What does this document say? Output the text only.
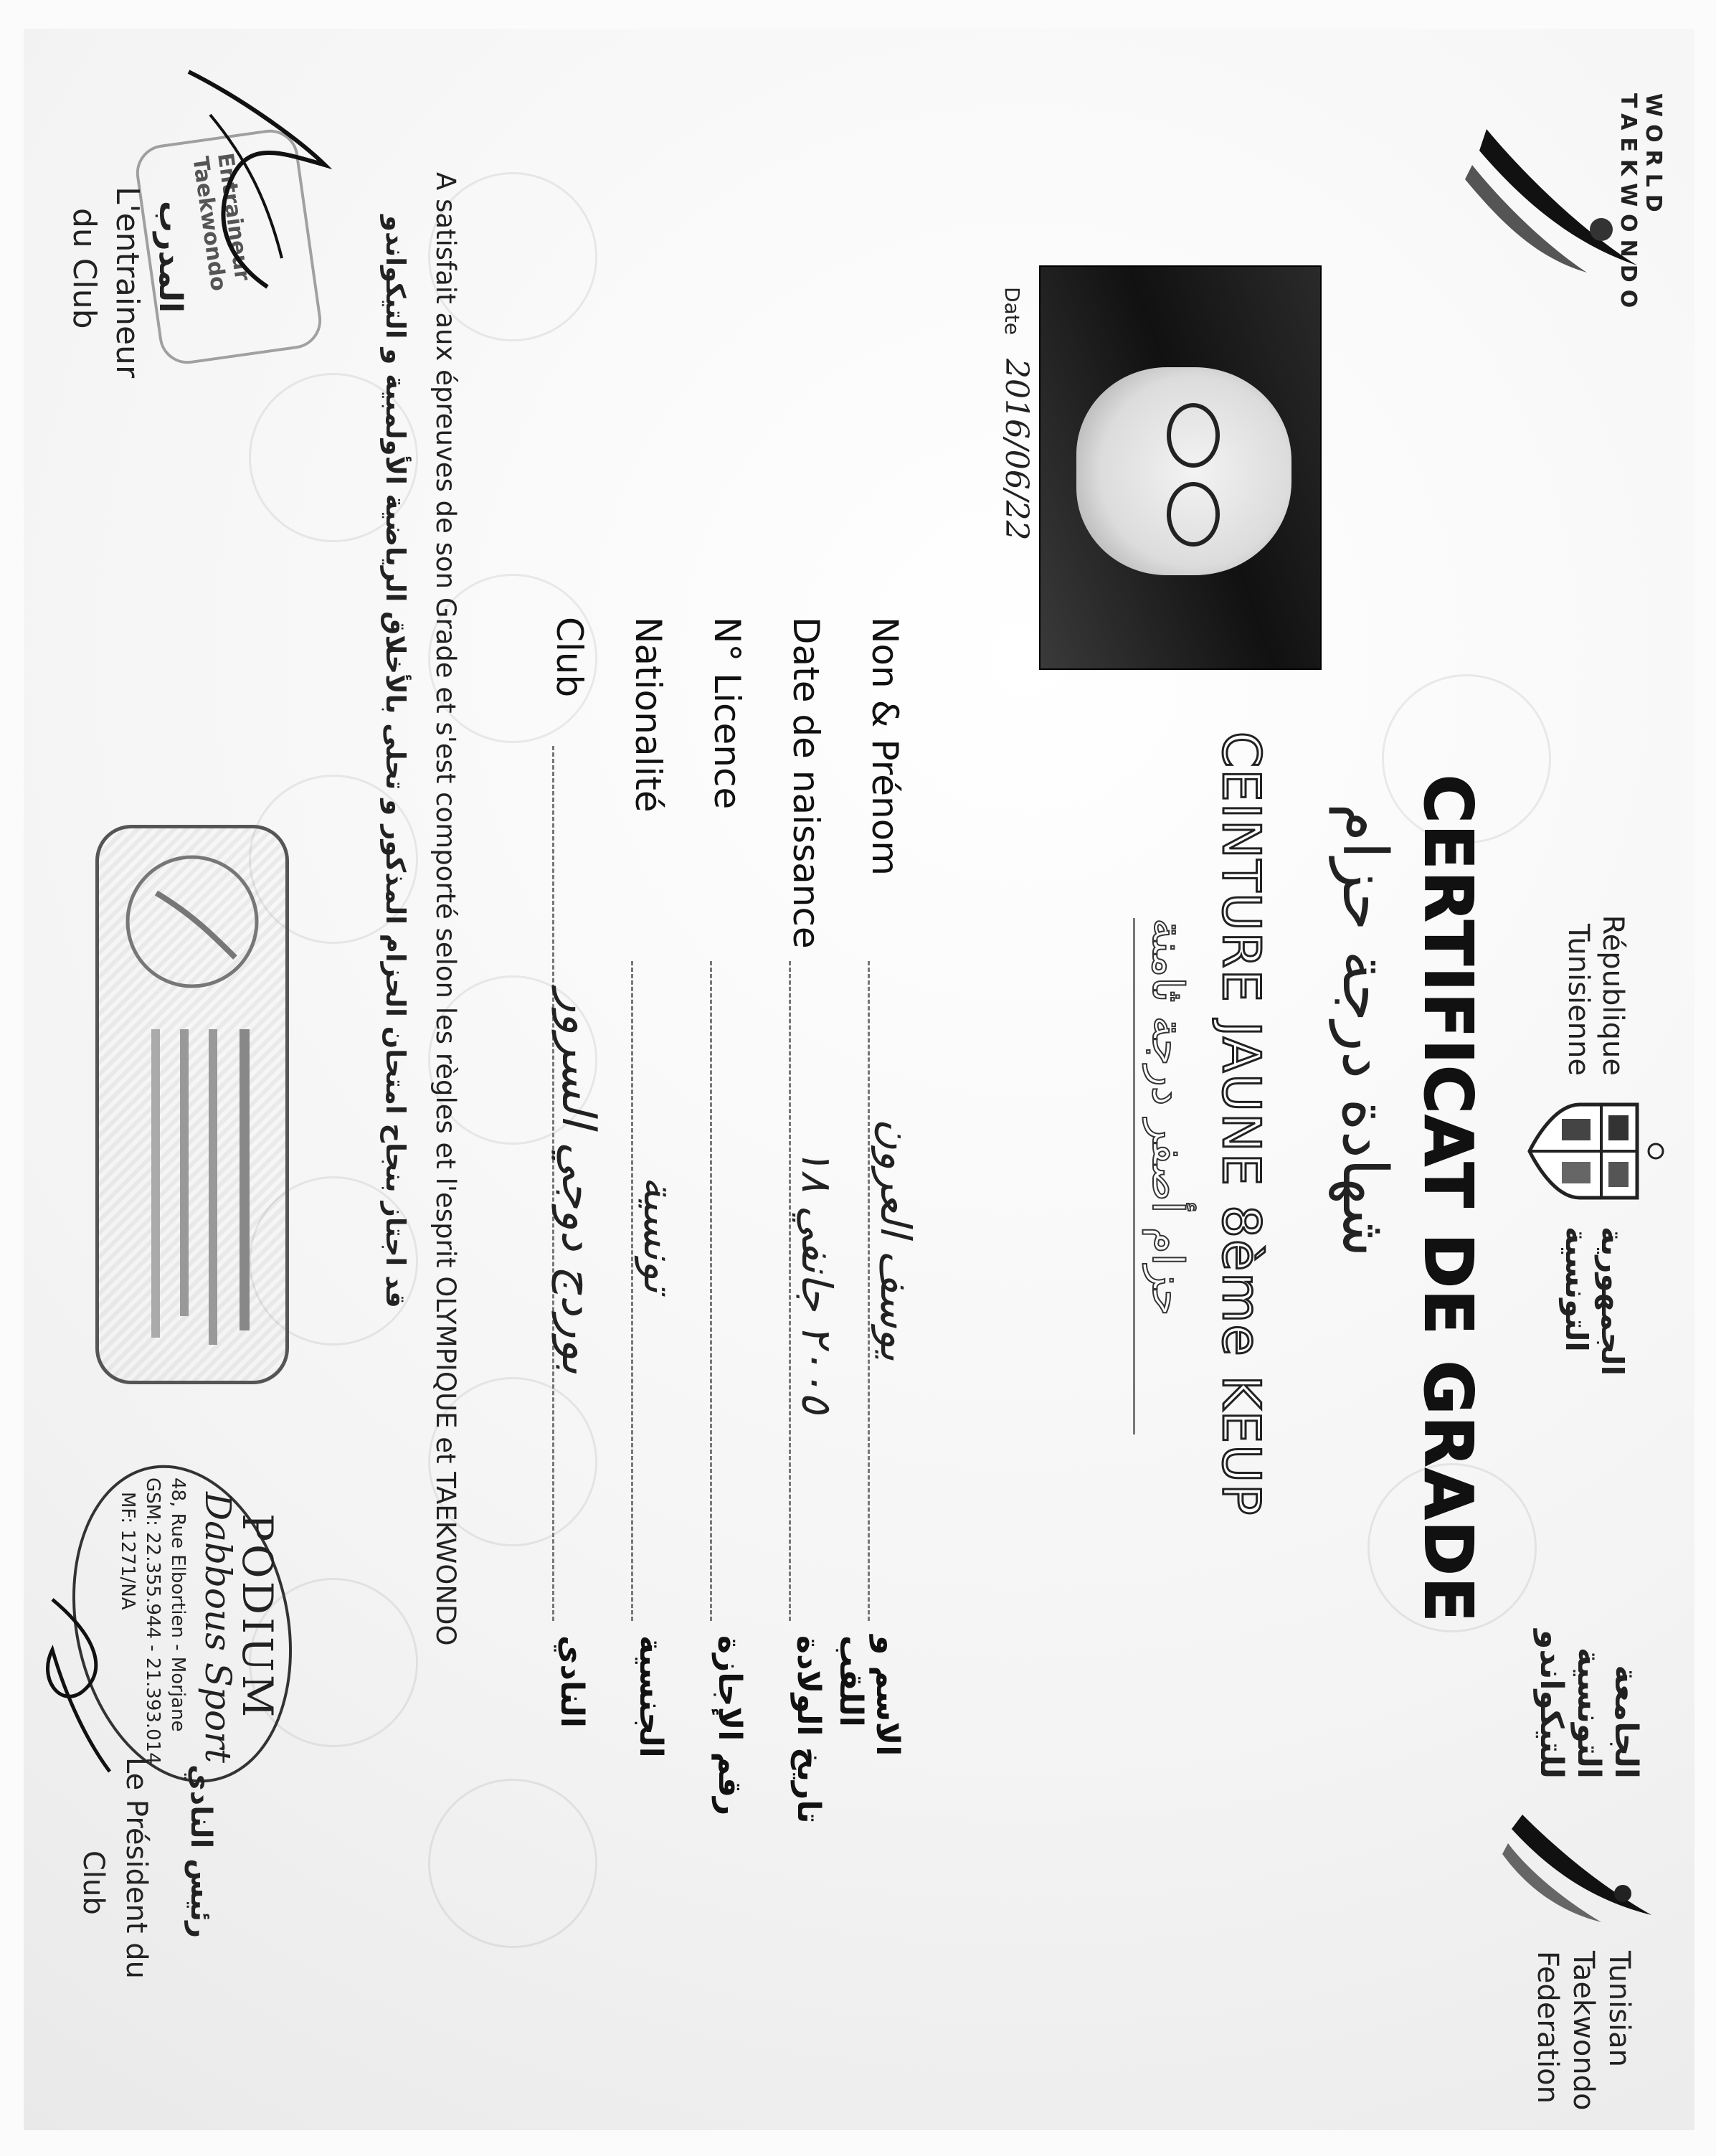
WORLD TAEKWONDO
République
Tunisienne
الجمهورية
التونسية
الجامعة
التونسية
للتيكواندو
Tunisian
Taekwondo
Federation
CERTIFICAT DE GRADE
شهادة درجة حزام
CEINTURE JAUNE 8ème KEUP
حزام أصفر درجة ثامنة
Date
2016/06/22
Non & Prénom
يوسف العرون
الاسم و اللقب
Date de naissance
٢٠٠٥ جانفي ١٨
تاريخ الولادة
N° Licence
رقم الإجازة
Nationalité
تونسية
الجنسية
Club
بوردج دوجي السرور
النادي
A satisfait aux épreuves de son Grade et s'est comporté selon les règles et l'esprit OLYMPIQUE et TAEKWONDO
قد اجتاز بنجاح امتحان الحزام المذكور و تحلى بالأخلاق الرياضية الأولمبية و التيكواندو
Entraineur Taekwondo
المدرب
L'entraineur
du Club
PODIUM
Dabbous Sport
48, Rue Elbortien - Morjane
GSM: 22.355.944 - 21.393.014
MF: 1271/NA
رئيس النادي
Le Président du
Club
